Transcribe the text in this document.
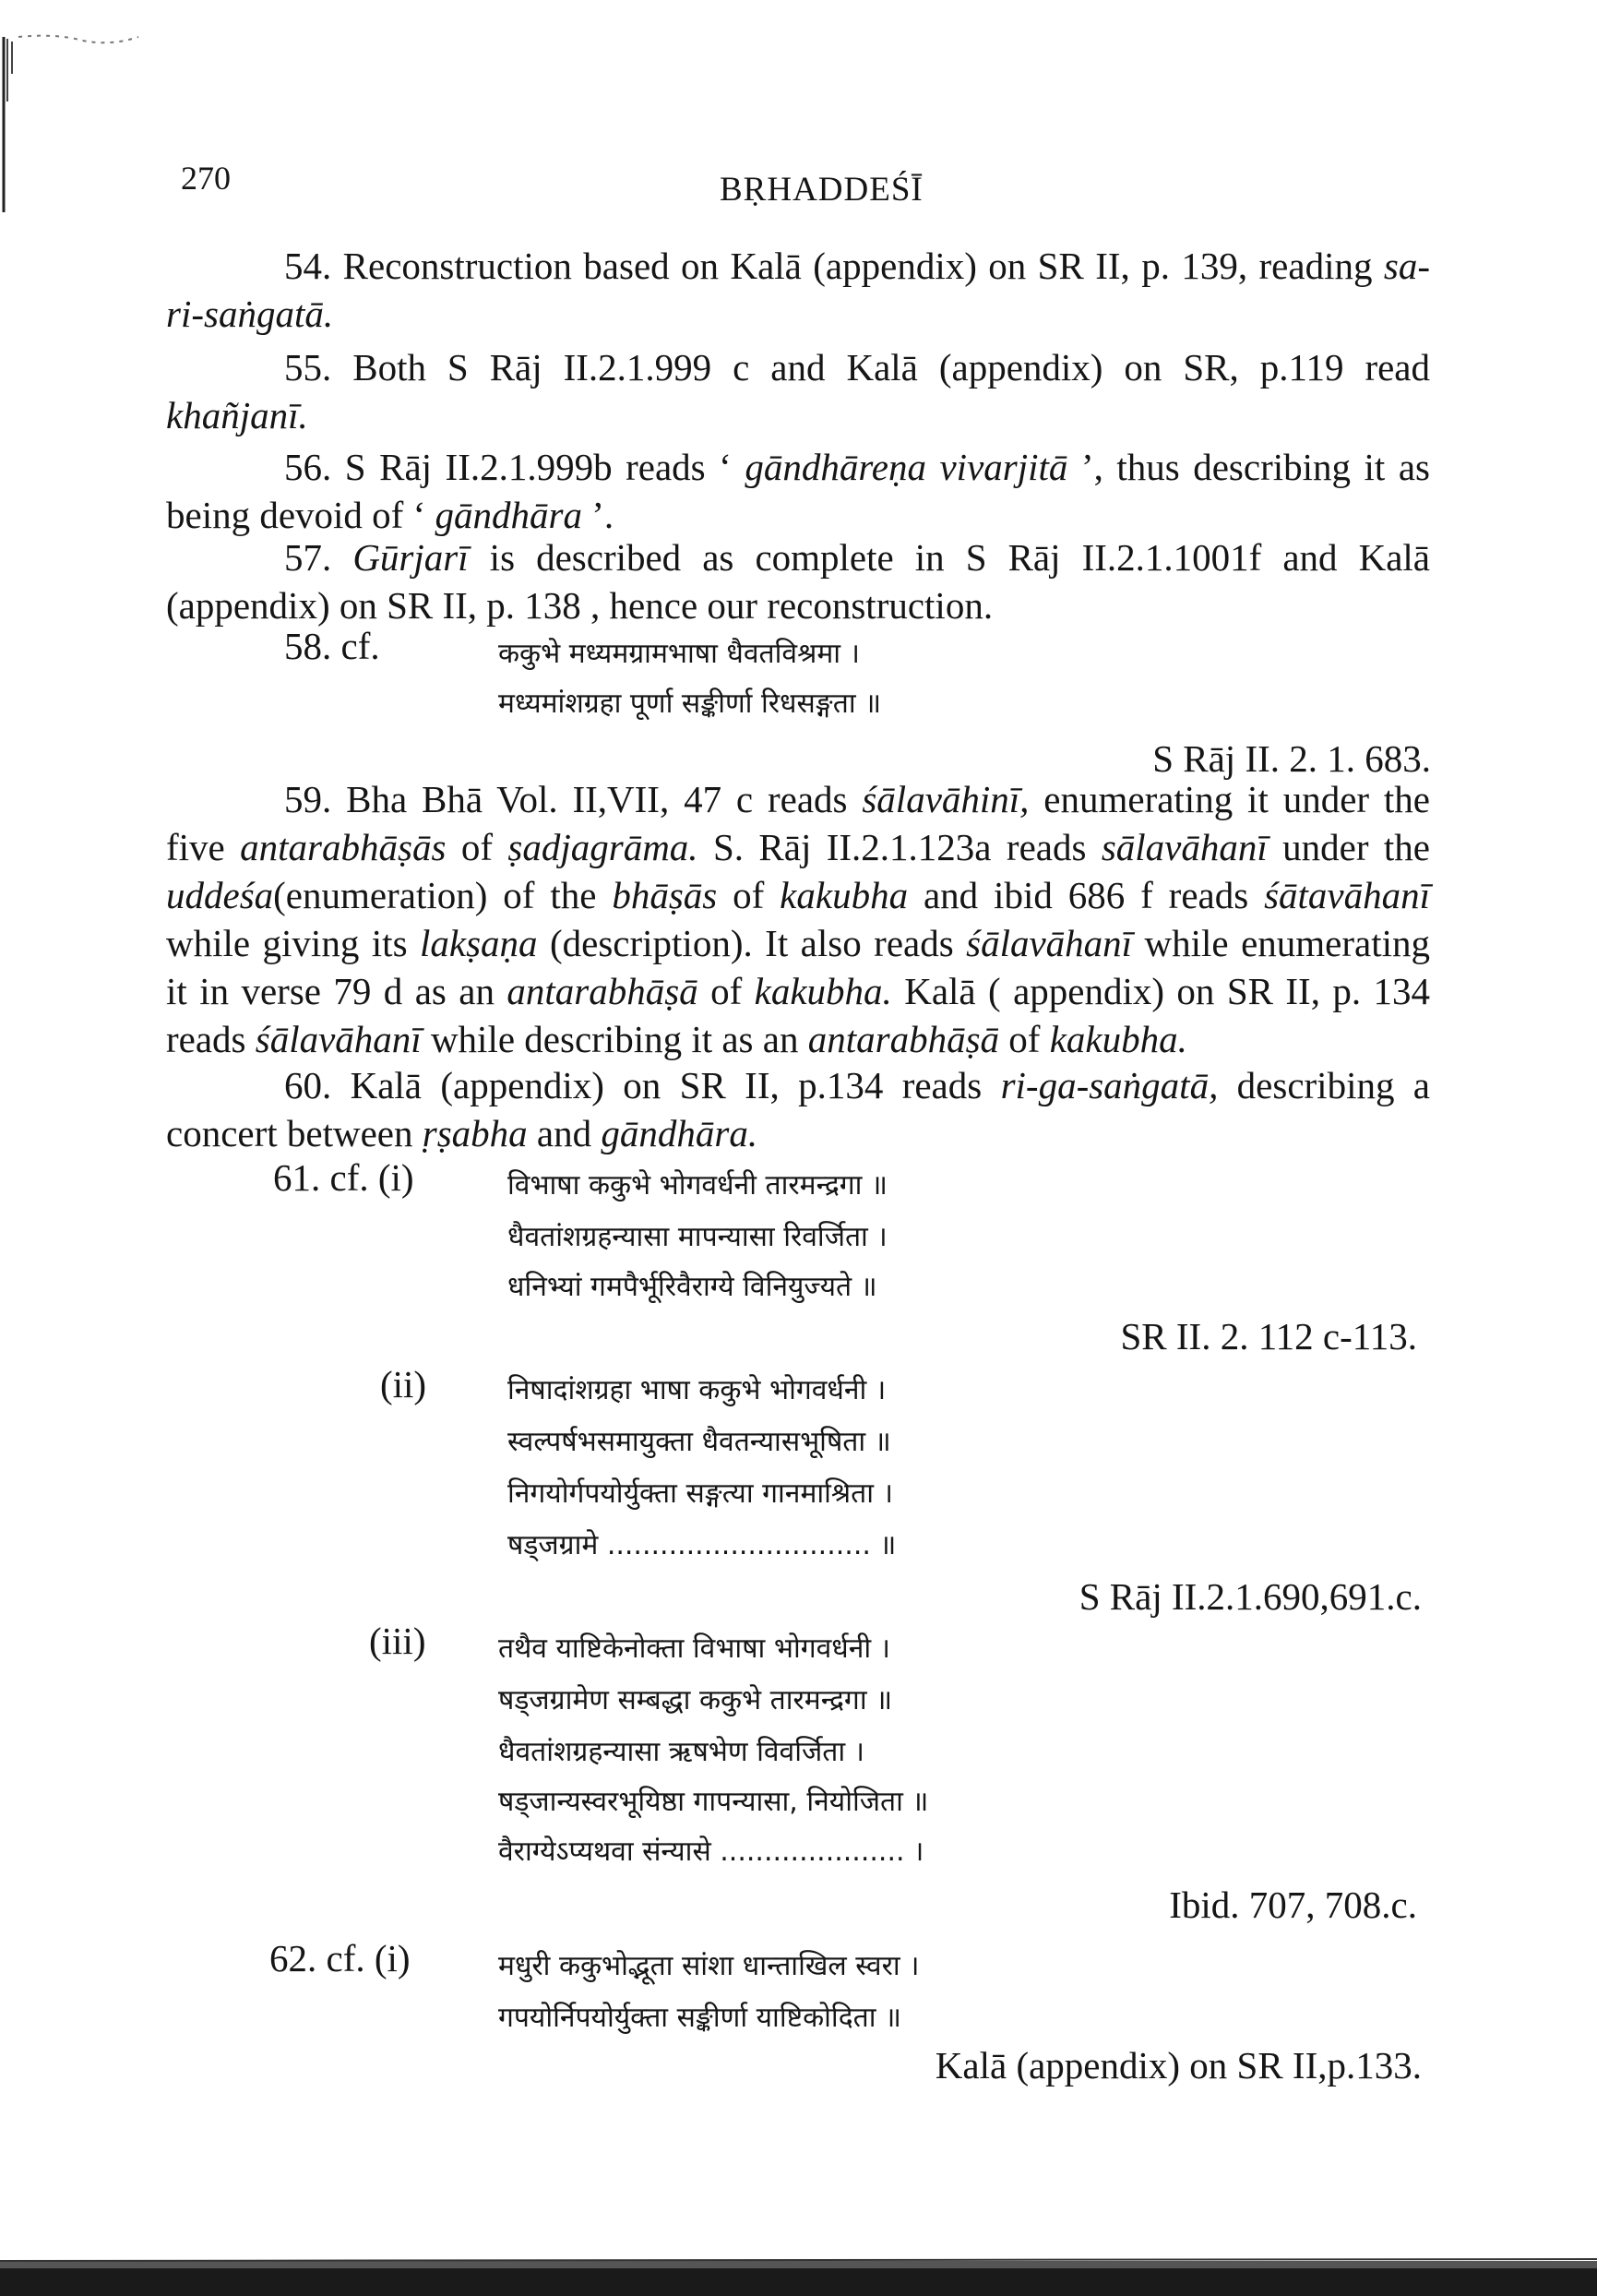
270	BṚHADDEŚĪ
54. Reconstruction based on Kalā (appendix) on SR II, p. 139, reading sa-ri-saṅgatā.
55. Both S Rāj II.2.1.999 c and Kalā (appendix) on SR, p.119 read khañjanī.
56. S Rāj II.2.1.999b reads ‘ gāndhāreṇa vivarjitā ’, thus describing it as being devoid of ‘ gāndhāra ’.
57. Gūrjarī is described as complete in S Rāj II.2.1.1001f and Kalā (appendix) on SR II, p. 138 , hence our reconstruction.
58. cf.	ककुभे मध्यमग्रामभाषा धैवतविश्रमा ।
मध्यमांशग्रहा पूर्णा सङ्कीर्णा रिधसङ्गता ॥
S Rāj II. 2. 1. 683.
59. Bha Bhā Vol. II,VII, 47 c reads śālavāhinī, enumerating it under the five antarabhāṣās of ṣadjagrāma. S. Rāj II.2.1.123a reads sālavāhanī under the uddeśa(enumeration) of the bhāṣās of kakubha and ibid 686 f reads śātavāhanī while giving its lakṣaṇa (description). It also reads śālavāhanī while enumerating it in verse 79 d as an antarabhāṣā of kakubha. Kalā ( appendix) on SR II, p. 134 reads śālavāhanī while describing it as an antarabhāṣā of kakubha.
60. Kalā (appendix) on SR II, p.134 reads ri-ga-saṅgatā, describing a concert between ṛṣabha and gāndhāra.
61. cf. (i)	विभाषा ककुभे भोगवर्धनी तारमन्द्रगा ॥
धैवतांशग्रहन्यासा मापन्यासा रिवर्जिता ।
धनिभ्यां गमपैर्भूरिवैराग्ये विनियुज्यते ॥
SR II. 2. 112 c-113.
(ii)	निषादांशग्रहा भाषा ककुभे भोगवर्धनी ।
स्वल्पर्षभसमायुक्ता धैवतन्यासभूषिता ॥
निगयोर्गपयोर्युक्ता सङ्गत्या गानमाश्रिता ।
षड्जग्रामे .............................. ॥
S Rāj II.2.1.690,691.c.
(iii)	तथैव याष्टिकेनोक्ता विभाषा भोगवर्धनी ।
षड्जग्रामेण सम्बद्धा ककुभे तारमन्द्रगा ॥
धैवतांशग्रहन्यासा ऋषभेण विवर्जिता ।
षड्जान्यस्वरभूयिष्ठा गापन्यासा, नियोजिता ॥
वैराग्येऽप्यथवा संन्यासे ..................... ।
Ibid. 707, 708.c.
62. cf. (i)	मधुरी ककुभोद्भूता सांशा धान्ताखिल स्वरा ।
गपयोर्निपयोर्युक्ता सङ्कीर्णा याष्टिकोदिता ॥
Kalā (appendix) on SR II,p.133.
